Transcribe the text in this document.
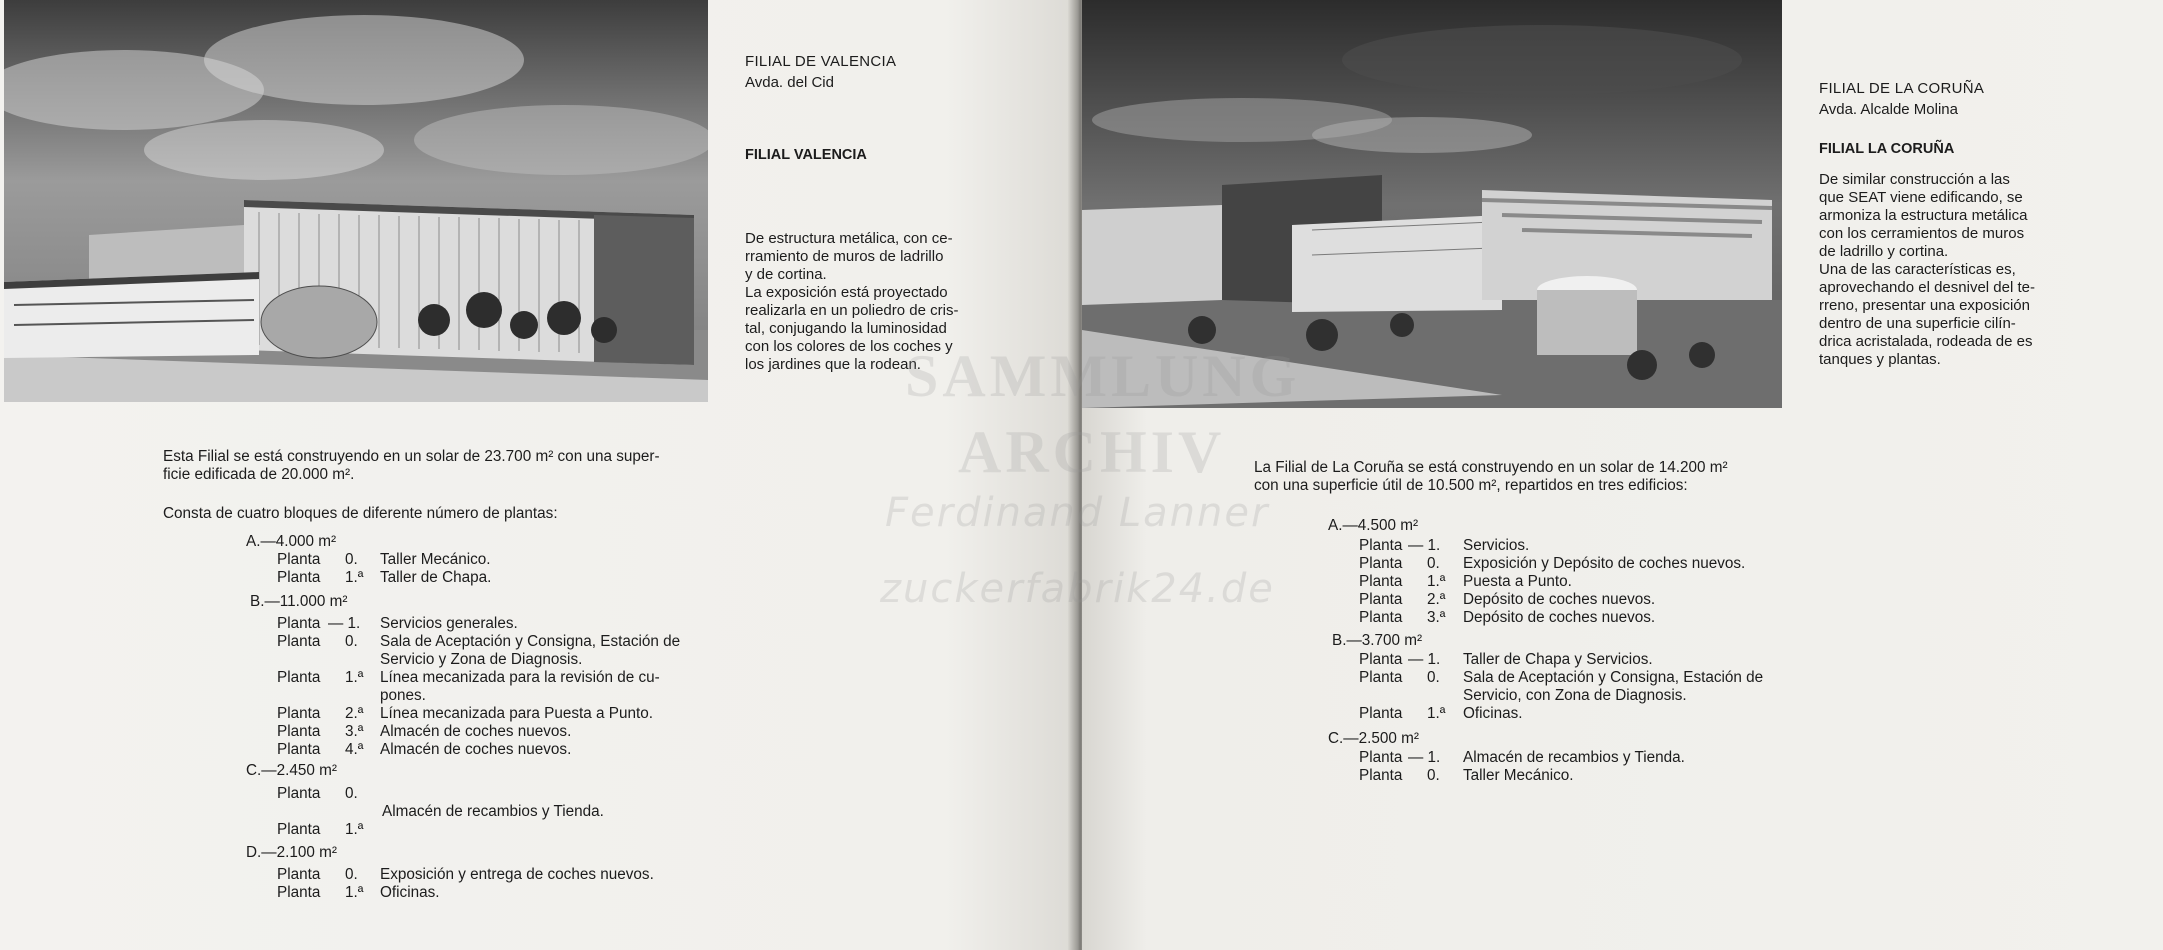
FILIAL DE VALENCIA
Avda. del Cid
FILIAL VALENCIA
De estructura metálica, con ce-
rramiento de muros de ladrillo
y de cortina.
La exposición está proyectado
realizarla en un poliedro de cris-
tal, conjugando la luminosidad
con los colores de los coches y
los jardines que la rodean.
Esta Filial se está construyendo en un solar de 23.700 m² con una super-
ficie edificada de 20.000 m².
Consta de cuatro bloques de diferente número de plantas:
A.—4.000 m²
Planta 0. Taller Mecánico.
Planta 1.ª Taller de Chapa.
B.—11.000 m²
Planta — 1. Servicios generales.
Planta 0. Sala de Aceptación y Consigna, Estación de
Servicio y Zona de Diagnosis.
Planta 1.ª Línea mecanizada para la revisión de cu-
pones.
Planta 2.ª Línea mecanizada para Puesta a Punto.
Planta 3.ª Almacén de coches nuevos.
Planta 4.ª Almacén de coches nuevos.
C.—2.450 m²
Planta 0.
Almacén de recambios y Tienda.
Planta 1.ª
D.—2.100 m²
Planta 0. Exposición y entrega de coches nuevos.
Planta 1.ª Oficinas.
FILIAL DE LA CORUÑA
Avda. Alcalde Molina
FILIAL LA CORUÑA
De similar construcción a las
que SEAT viene edificando, se
armoniza la estructura metálica
con los cerramientos de muros
de ladrillo y cortina.
Una de las características es,
aprovechando el desnivel del te-
rreno, presentar una exposición
dentro de una superficie cilín-
drica acristalada, rodeada de es
tanques y plantas.
La Filial de La Coruña se está construyendo en un solar de 14.200 m²
con una superficie útil de 10.500 m², repartidos en tres edificios:
A.—4.500 m²
Planta — 1. Servicios.
Planta 0. Exposición y Depósito de coches nuevos.
Planta 1.ª Puesta a Punto.
Planta 2.ª Depósito de coches nuevos.
Planta 3.ª Depósito de coches nuevos.
B.—3.700 m²
Planta — 1. Taller de Chapa y Servicios.
Planta 0. Sala de Aceptación y Consigna, Estación de
Servicio, con Zona de Diagnosis.
Planta 1.ª Oficinas.
C.—2.500 m²
Planta — 1. Almacén de recambios y Tienda.
Planta 0. Taller Mecánico.
SAMMLUNG
ARCHIV
Ferdinand Lanner
zuckerfabrik24.de
